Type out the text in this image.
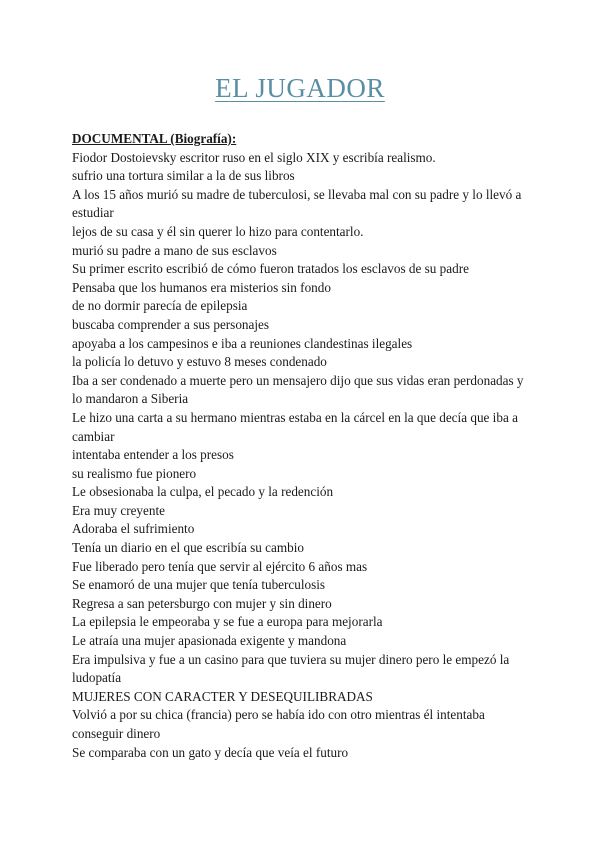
EL JUGADOR

DOCUMENTAL (Biografía):

Fiodor Dostoievsky escritor ruso en el siglo XIX y escribía realismo.

sufrio una tortura similar a la de sus libros

A los 15 años murió su madre de tuberculosi, se llevaba mal con su padre y lo llevó a estudiar

lejos de su casa y él sin querer lo hizo para contentarlo.

murió su padre a mano de sus esclavos

Su primer escrito escribió de cómo fueron tratados los esclavos de su padre

Pensaba que los humanos era misterios sin fondo

de no dormir parecía de epilepsia

buscaba comprender a sus personajes

apoyaba a los campesinos e iba a reuniones clandestinas ilegales

la policía lo detuvo y estuvo 8 meses condenado

Iba a ser condenado a muerte pero un mensajero dijo que sus vidas eran perdonadas y lo mandaron a Siberia

Le hizo una carta a su hermano mientras estaba en la cárcel en la que decía que iba a cambiar

intentaba entender a los presos

su realismo fue pionero

Le obsesionaba la culpa, el pecado y la redención

Era muy creyente

Adoraba el sufrimiento

Tenía un diario en el que escribía su cambio

Fue liberado pero tenía que servir al ejército 6 años mas

Se enamoró de una mujer que tenía tuberculosis

Regresa a san petersburgo con mujer y sin dinero

La epilepsia le empeoraba y se fue a europa para mejorarla

Le atraía una mujer apasionada exigente y mandona

Era impulsiva y fue a un casino para que tuviera su mujer dinero pero le empezó la ludopatía

MUJERES CON CARACTER Y DESEQUILIBRADAS

Volvió a por su chica (francia) pero se había ido con otro mientras él intentaba conseguir dinero

Se comparaba con un gato y decía que veía el futuro
